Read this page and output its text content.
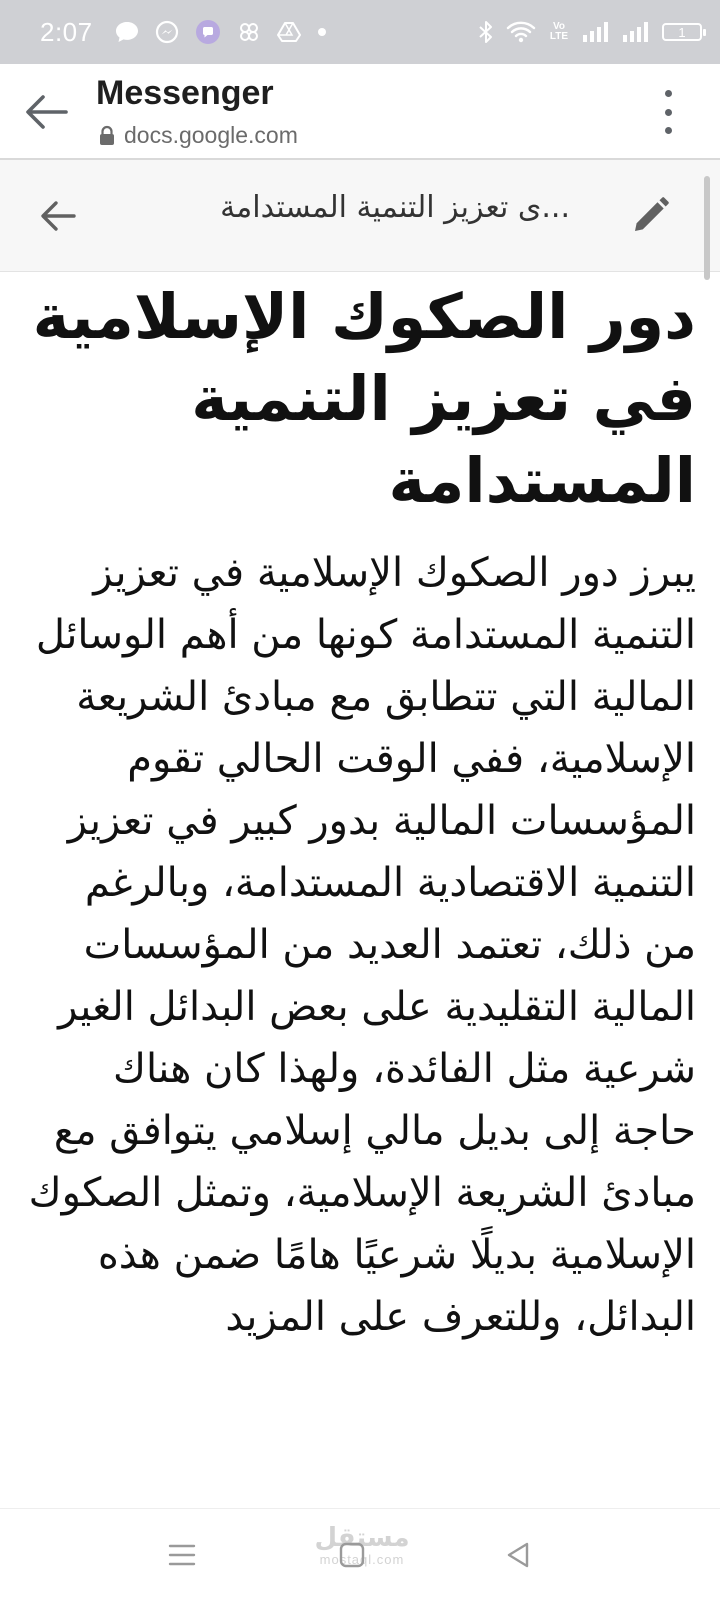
2:07	Vo LTE	1
Messenger
docs.google.com
...ى تعزيز التنمية المستدامة
دور الصكوك الإسلامية في تعزيز التنمية المستدامة

يبرز دور الصكوك الإسلامية في تعزيز التنمية المستدامة كونها من أهم الوسائل المالية التي تتطابق مع مبادئ الشريعة الإسلامية، ففي الوقت الحالي تقوم المؤسسات المالية بدور كبير في تعزيز التنمية الاقتصادية المستدامة، وبالرغم من ذلك، تعتمد العديد من المؤسسات المالية التقليدية على بعض البدائل الغير شرعية مثل الفائدة، ولهذا كان هناك حاجة إلى بديل مالي إسلامي يتوافق مع مبادئ الشريعة الإسلامية، وتمثل الصكوك الإسلامية بديلًا شرعيًا هامًا ضمن هذه البدائل، وللتعرف على المزيد

مستقل
mostaql.com
